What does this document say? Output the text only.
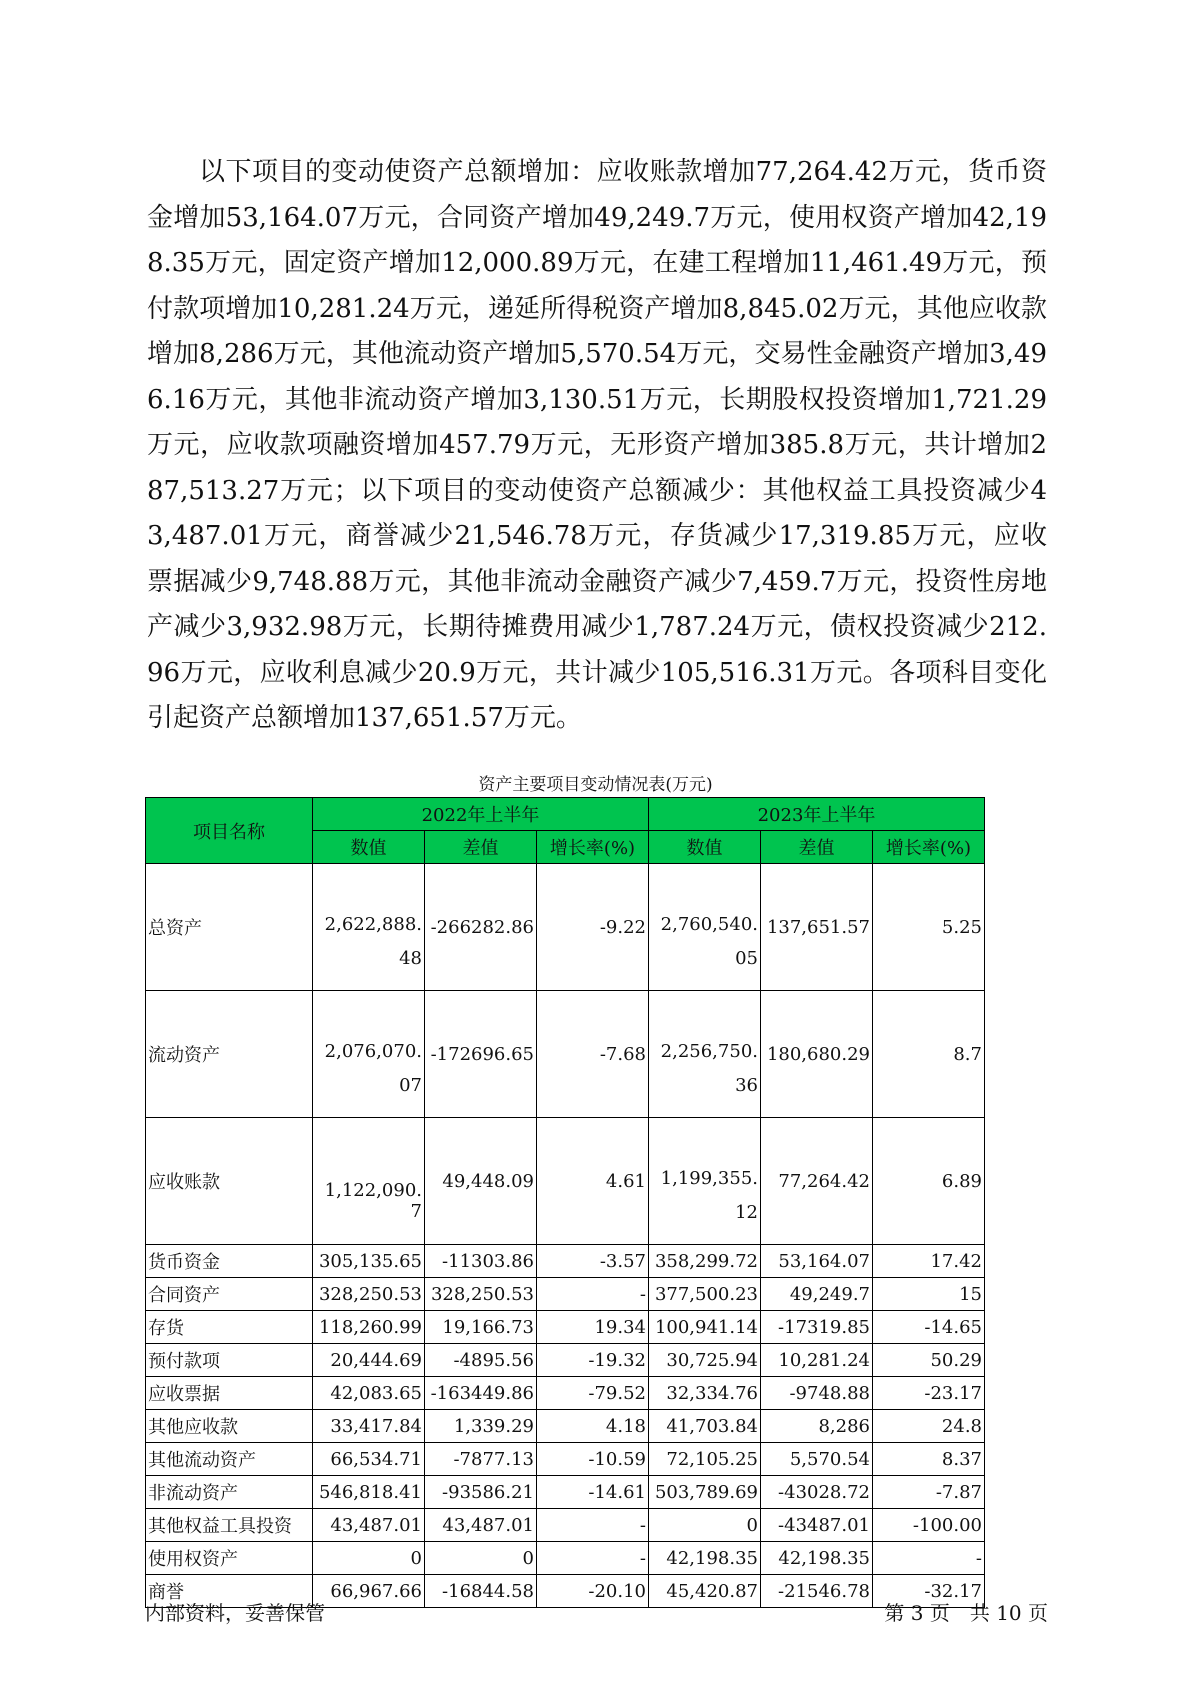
以下项目的变动使资产总额增加：应收账款增加77,264.42万元，货币资金增加53,164.07万元，合同资产增加49,249.7万元，使用权资产增加42,198.35万元，固定资产增加12,000.89万元，在建工程增加11,461.49万元，预付款项增加10,281.24万元，递延所得税资产增加8,845.02万元，其他应收款增加8,286万元，其他流动资产增加5,570.54万元，交易性金融资产增加3,496.16万元，其他非流动资产增加3,130.51万元，长期股权投资增加1,721.29万元，应收款项融资增加457.79万元，无形资产增加385.8万元，共计增加287,513.27万元；以下项目的变动使资产总额减少：其他权益工具投资减少43,487.01万元，商誉减少21,546.78万元，存货减少17,319.85万元，应收票据减少9,748.88万元，其他非流动金融资产减少7,459.7万元，投资性房地产减少3,932.98万元，长期待摊费用减少1,787.24万元，债权投资减少212.96万元，应收利息减少20.9万元，共计减少105,516.31万元。各项科目变化引起资产总额增加137,651.57万元。

资产主要项目变动情况表(万元)
项目名称	2022年上半年			2023年上半年		
	数值	差值	增长率(%)	数值	差值	增长率(%)
总资产	2,622,888.48	-266282.86	-9.22	2,760,540.05	137,651.57	5.25
流动资产	2,076,070.07	-172696.65	-7.68	2,256,750.36	180,680.29	8.7
应收账款	1,122,090.7	49,448.09	4.61	1,199,355.12	77,264.42	6.89
货币资金	305,135.65	-11303.86	-3.57	358,299.72	53,164.07	17.42
合同资产	328,250.53	328,250.53	-	377,500.23	49,249.7	15
存货	118,260.99	19,166.73	19.34	100,941.14	-17319.85	-14.65
预付款项	20,444.69	-4895.56	-19.32	30,725.94	10,281.24	50.29
应收票据	42,083.65	-163449.86	-79.52	32,334.76	-9748.88	-23.17
其他应收款	33,417.84	1,339.29	4.18	41,703.84	8,286	24.8
其他流动资产	66,534.71	-7877.13	-10.59	72,105.25	5,570.54	8.37
非流动资产	546,818.41	-93586.21	-14.61	503,789.69	-43028.72	-7.87
其他权益工具投资	43,487.01	43,487.01	-	0	-43487.01	-100.00
使用权资产	0	0	-	42,198.35	42,198.35	-
商誉	66,967.66	-16844.58	-20.10	45,420.87	-21546.78	-32.17
内部资料，妥善保管	第 3 页　共 10 页
